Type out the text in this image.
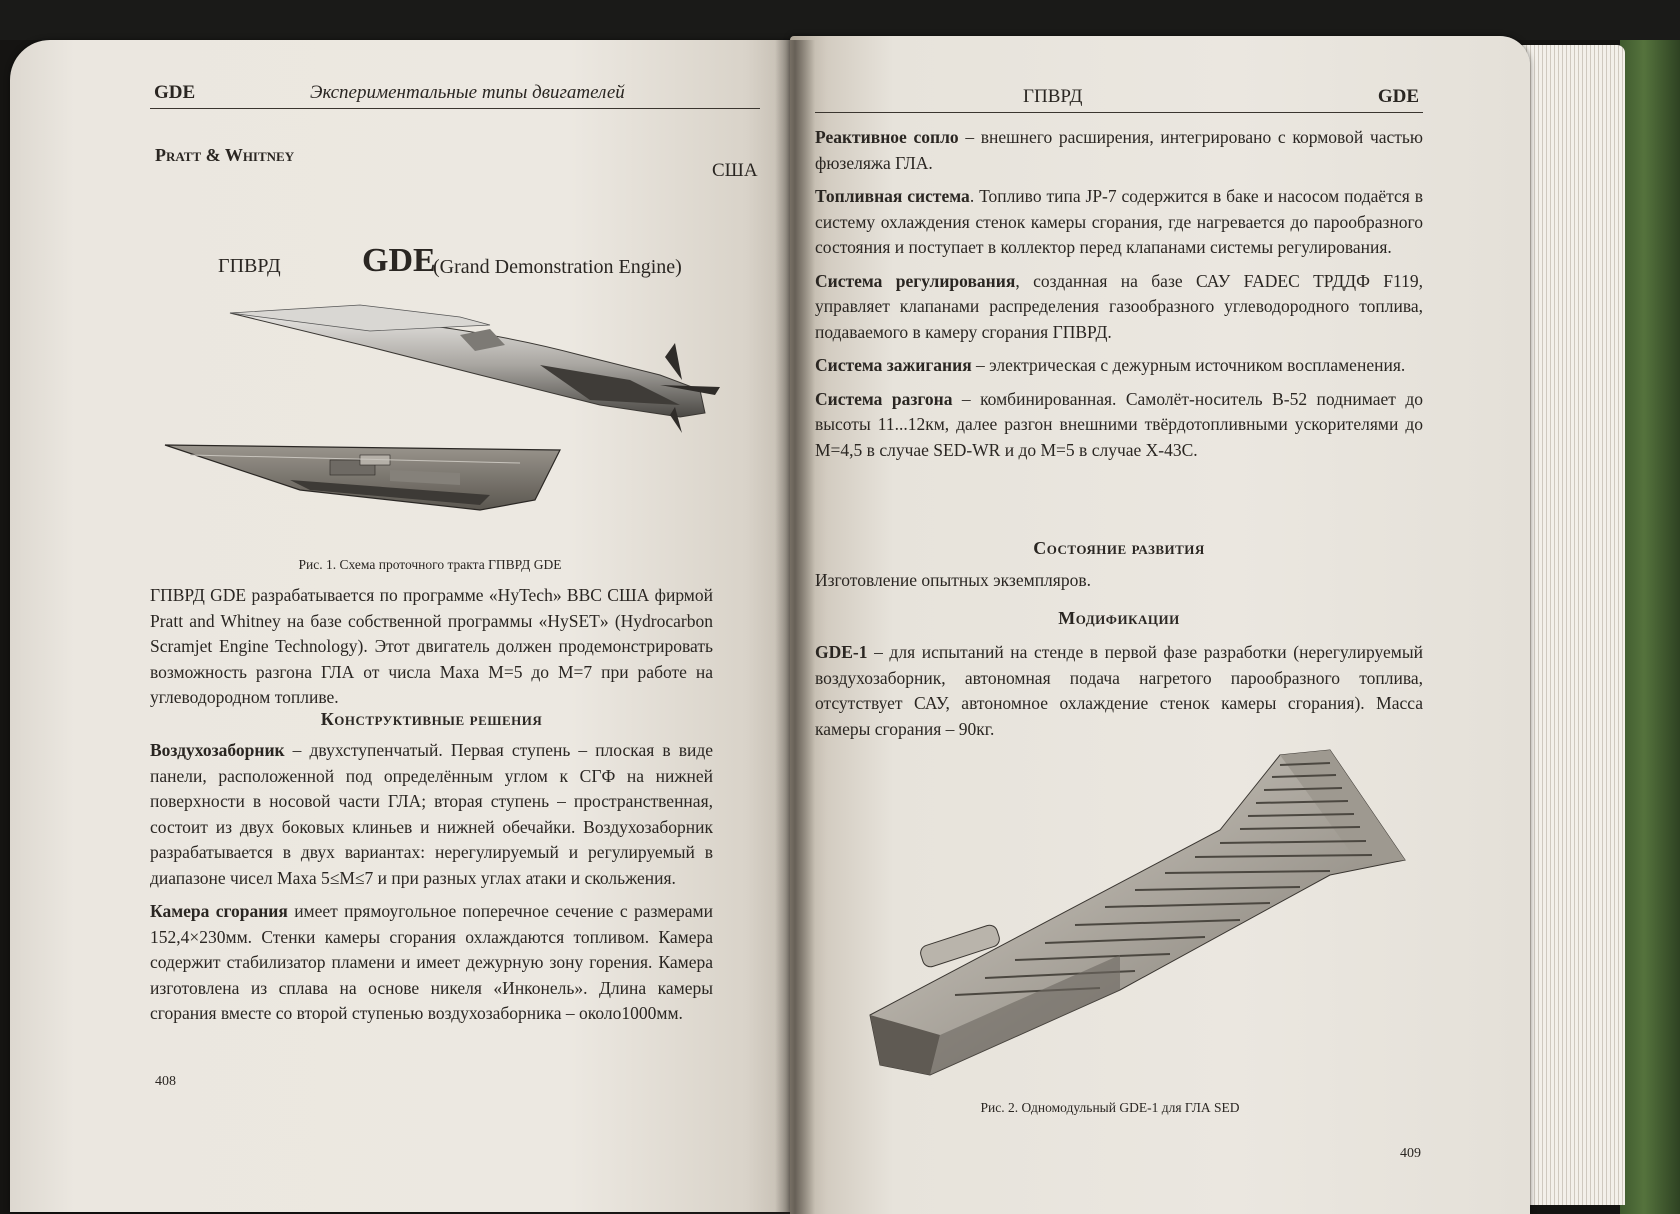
GDE	Экспериментальные типы двигателей
Pratt & Whitney
США
ГПВРД GDE
(Grand Demonstration Engine)
Рис. 1. Схема проточного тракта ГПВРД GDE

ГПВРД GDE разрабатывается по программе «HyTech» ВВС США фирмой Pratt and Whitney на базе собственной программы «HySET» (Hydrocarbon Scramjet Engine Technology). Этот двигатель должен продемонстрировать возможность разгона ГЛА от числа Маха M=5 до M=7 при работе на углеводородном топливе.

Конструктивные решения

Воздухозаборник – двухступенчатый. Первая ступень – плоская в виде панели, расположенной под определённым углом к СГФ на нижней поверхности в носовой части ГЛА; вторая ступень – пространственная, состоит из двух боковых клиньев и нижней обечайки. Воздухозаборник разрабатывается в двух вариантах: нерегулируемый и регулируемый в диапазоне чисел Маха 5≤M≤7 и при разных углах атаки и скольжения.

Камера сгорания имеет прямоугольное поперечное сечение с размерами 152,4×230мм. Стенки камеры сгорания охлаждаются топливом. Камера содержит стабилизатор пламени и имеет дежурную зону горения. Камера изготовлена из сплава на основе никеля «Инконель». Длина камеры сгорания вместе со второй ступенью воздухозаборника – около1000мм.

408
ГПВРД	GDE

Реактивное сопло – внешнего расширения, интегрировано с кормовой частью фюзеляжа ГЛА.

Топливная система. Топливо типа JP-7 содержится в баке и насосом подаётся в систему охлаждения стенок камеры сгорания, где нагревается до парообразного состояния и поступает в коллектор перед клапанами системы регулирования.

Система регулирования, созданная на базе САУ FADEC ТРДДФ F119, управляет клапанами распределения газообразного углеводородного топлива, подаваемого в камеру сгорания ГПВРД.

Система зажигания – электрическая с дежурным источником воспламенения.

Система разгона – комбинированная. Самолёт-носитель B-52 поднимает до высоты 11...12км, далее разгон внешними твёрдотопливными ускорителями до M=4,5 в случае SED-WR и до M=5 в случае X-43C.

Состояние развития
Изготовление опытных экземпляров.
Модификации

GDE-1 – для испытаний на стенде в первой фазе разработки (нерегулируемый воздухозаборник, автономная подача нагретого парообразного топлива, отсутствует САУ, автономное охлаждение стенок камеры сгорания). Масса камеры сгорания – 90кг.

Рис. 2. Одномодульный GDE-1 для ГЛА SED
409
